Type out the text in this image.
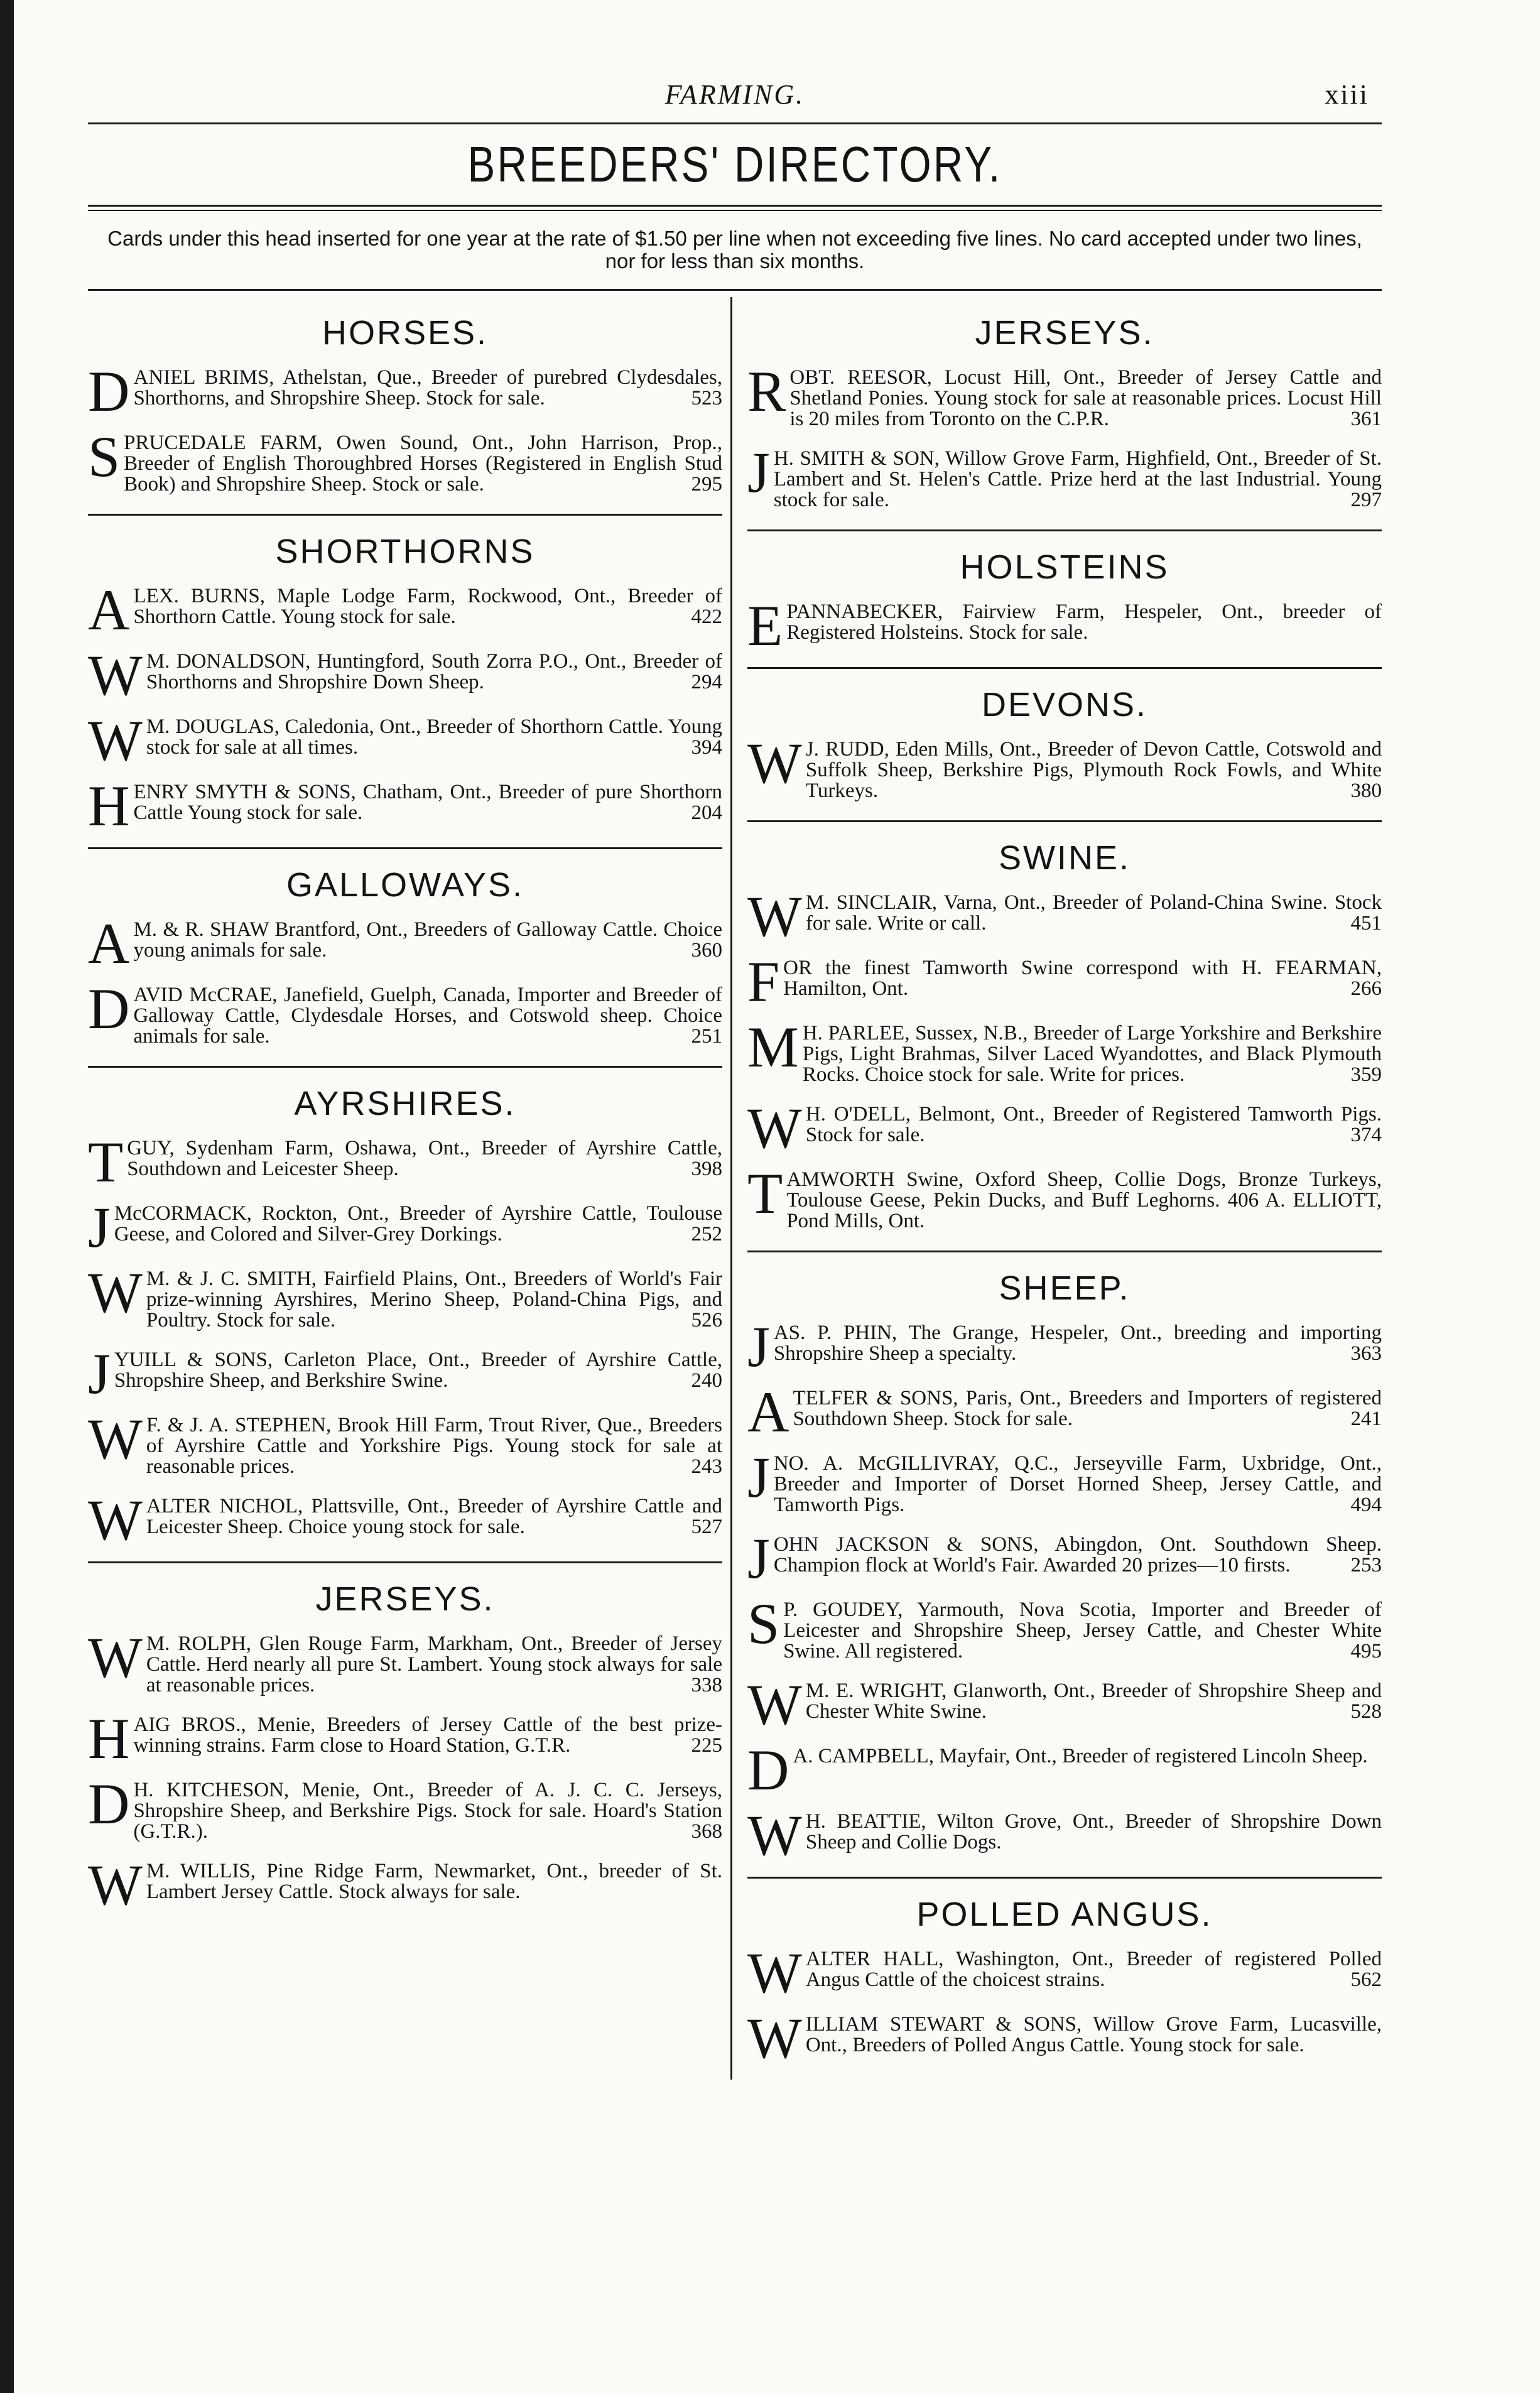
FARMING.	xiii
BREEDERS' DIRECTORY.
Cards under this head inserted for one year at the rate of $1.50 per line when not exceeding five lines. No card accepted under two lines, nor for less than six months.
HORSES.
DANIEL BRIMS, Athelstan, Que., Breeder of purebred Clydesdales, Shorthorns, and Shropshire Sheep. Stock for sale.	523
SPRUCEDALE FARM, Owen Sound, Ont., John Harrison, Prop., Breeder of English Thoroughbred Horses (Registered in English Stud Book) and Shropshire Sheep. Stock or sale.	295
SHORTHORNS
ALEX. BURNS, Maple Lodge Farm, Rockwood, Ont., Breeder of Shorthorn Cattle. Young stock for sale.	422
W M. DONALDSON, Huntingford, South Zorra P.O., Ont., Breeder of Shorthorns and Shropshire Down Sheep.	294
W M. DOUGLAS, Caledonia, Ont., Breeder of Shorthorn Cattle. Young stock for sale at all times.	394
HENRY SMYTH & SONS, Chatham, Ont., Breeder of pure Shorthorn Cattle Young stock for sale.	204
GALLOWAYS.
A M. & R. SHAW Brantford, Ont., Breeders of Galloway Cattle. Choice young animals for sale.	360
DAVID McCRAE, Janefield, Guelph, Canada, Importer and Breeder of Galloway Cattle, Clydesdale Horses, and Cotswold sheep. Choice animals for sale.	251
AYRSHIRES.
TGUY, Sydenham Farm, Oshawa, Ont., Breeder of Ayrshire Cattle, Southdown and Leicester Sheep.	398
J McCORMACK, Rockton, Ont., Breeder of Ayrshire Cattle, Toulouse Geese, and Colored and Silver-Grey Dorkings.	252
W M. & J. C. SMITH, Fairfield Plains, Ont., Breeders of World's Fair prize-winning Ayrshires, Merino Sheep, Poland-China Pigs, and Poultry. Stock for sale.	526
JYUILL & SONS, Carleton Place, Ont., Breeder of Ayrshire Cattle, Shropshire Sheep, and Berkshire Swine.	240
W F. & J. A. STEPHEN, Brook Hill Farm, Trout River, Que., Breeders of Ayrshire Cattle and Yorkshire Pigs. Young stock for sale at reasonable prices.	243
WALTER NICHOL, Plattsville, Ont., Breeder of Ayrshire Cattle and Leicester Sheep. Choice young stock for sale.	527
JERSEYS.
W M. ROLPH, Glen Rouge Farm, Markham, Ont., Breeder of Jersey Cattle. Herd nearly all pure St. Lambert. Young stock always for sale at reasonable prices.	338
HAIG BROS., Menie, Breeders of Jersey Cattle of the best prize-winning strains. Farm close to Hoard Station, G.T.R.	225
D H. KITCHESON, Menie, Ont., Breeder of A. J. C. C. Jerseys, Shropshire Sheep, and Berkshire Pigs. Stock for sale. Hoard's Station (G.T.R.).	368
W M. WILLIS, Pine Ridge Farm, Newmarket, Ont., breeder of St. Lambert Jersey Cattle. Stock always for sale.
JERSEYS.
ROBT. REESOR, Locust Hill, Ont., Breeder of Jersey Cattle and Shetland Ponies. Young stock for sale at reasonable prices. Locust Hill is 20 miles from Toronto on the C.P.R.	361
J H. SMITH & SON, Willow Grove Farm, Highfield, Ont., Breeder of St. Lambert and St. Helen's Cattle. Prize herd at the last Industrial. Young stock for sale.	297
HOLSTEINS
EPANNABECKER, Fairview Farm, Hespeler, Ont., breeder of Registered Holsteins. Stock for sale.
DEVONS.
W J. RUDD, Eden Mills, Ont., Breeder of Devon Cattle, Cotswold and Suffolk Sheep, Berkshire Pigs, Plymouth Rock Fowls, and White Turkeys.	380
SWINE.
W M. SINCLAIR, Varna, Ont., Breeder of Poland-China Swine. Stock for sale. Write or call.	451
FOR the finest Tamworth Swine correspond with H. FEARMAN, Hamilton, Ont.	266
M H. PARLEE, Sussex, N.B., Breeder of Large Yorkshire and Berkshire Pigs, Light Brahmas, Silver Laced Wyandottes, and Black Plymouth Rocks. Choice stock for sale. Write for prices.	359
W H. O'DELL, Belmont, Ont., Breeder of Registered Tamworth Pigs. Stock for sale.	374
TAMWORTH Swine, Oxford Sheep, Collie Dogs, Bronze Turkeys, Toulouse Geese, Pekin Ducks, and Buff Leghorns. 406 A. ELLIOTT, Pond Mills, Ont.
SHEEP.
JAS. P. PHIN, The Grange, Hespeler, Ont., breeding and importing Shropshire Sheep a specialty.	363
ATELFER & SONS, Paris, Ont., Breeders and Importers of registered Southdown Sheep. Stock for sale.	241
JNO. A. McGILLIVRAY, Q.C., Jerseyville Farm, Uxbridge, Ont., Breeder and Importer of Dorset Horned Sheep, Jersey Cattle, and Tamworth Pigs.	494
JOHN JACKSON & SONS, Abingdon, Ont. Southdown Sheep. Champion flock at World's Fair. Awarded 20 prizes—10 firsts.	253
S P. GOUDEY, Yarmouth, Nova Scotia, Importer and Breeder of Leicester and Shropshire Sheep, Jersey Cattle, and Chester White Swine. All registered.	495
W M. E. WRIGHT, Glanworth, Ont., Breeder of Shropshire Sheep and Chester White Swine.	528
D A. CAMPBELL, Mayfair, Ont., Breeder of registered Lincoln Sheep.
W H. BEATTIE, Wilton Grove, Ont., Breeder of Shropshire Down Sheep and Collie Dogs.
POLLED ANGUS.
WALTER HALL, Washington, Ont., Breeder of registered Polled Angus Cattle of the choicest strains.	562
WILLIAM STEWART & SONS, Willow Grove Farm, Lucasville, Ont., Breeders of Polled Angus Cattle. Young stock for sale.
